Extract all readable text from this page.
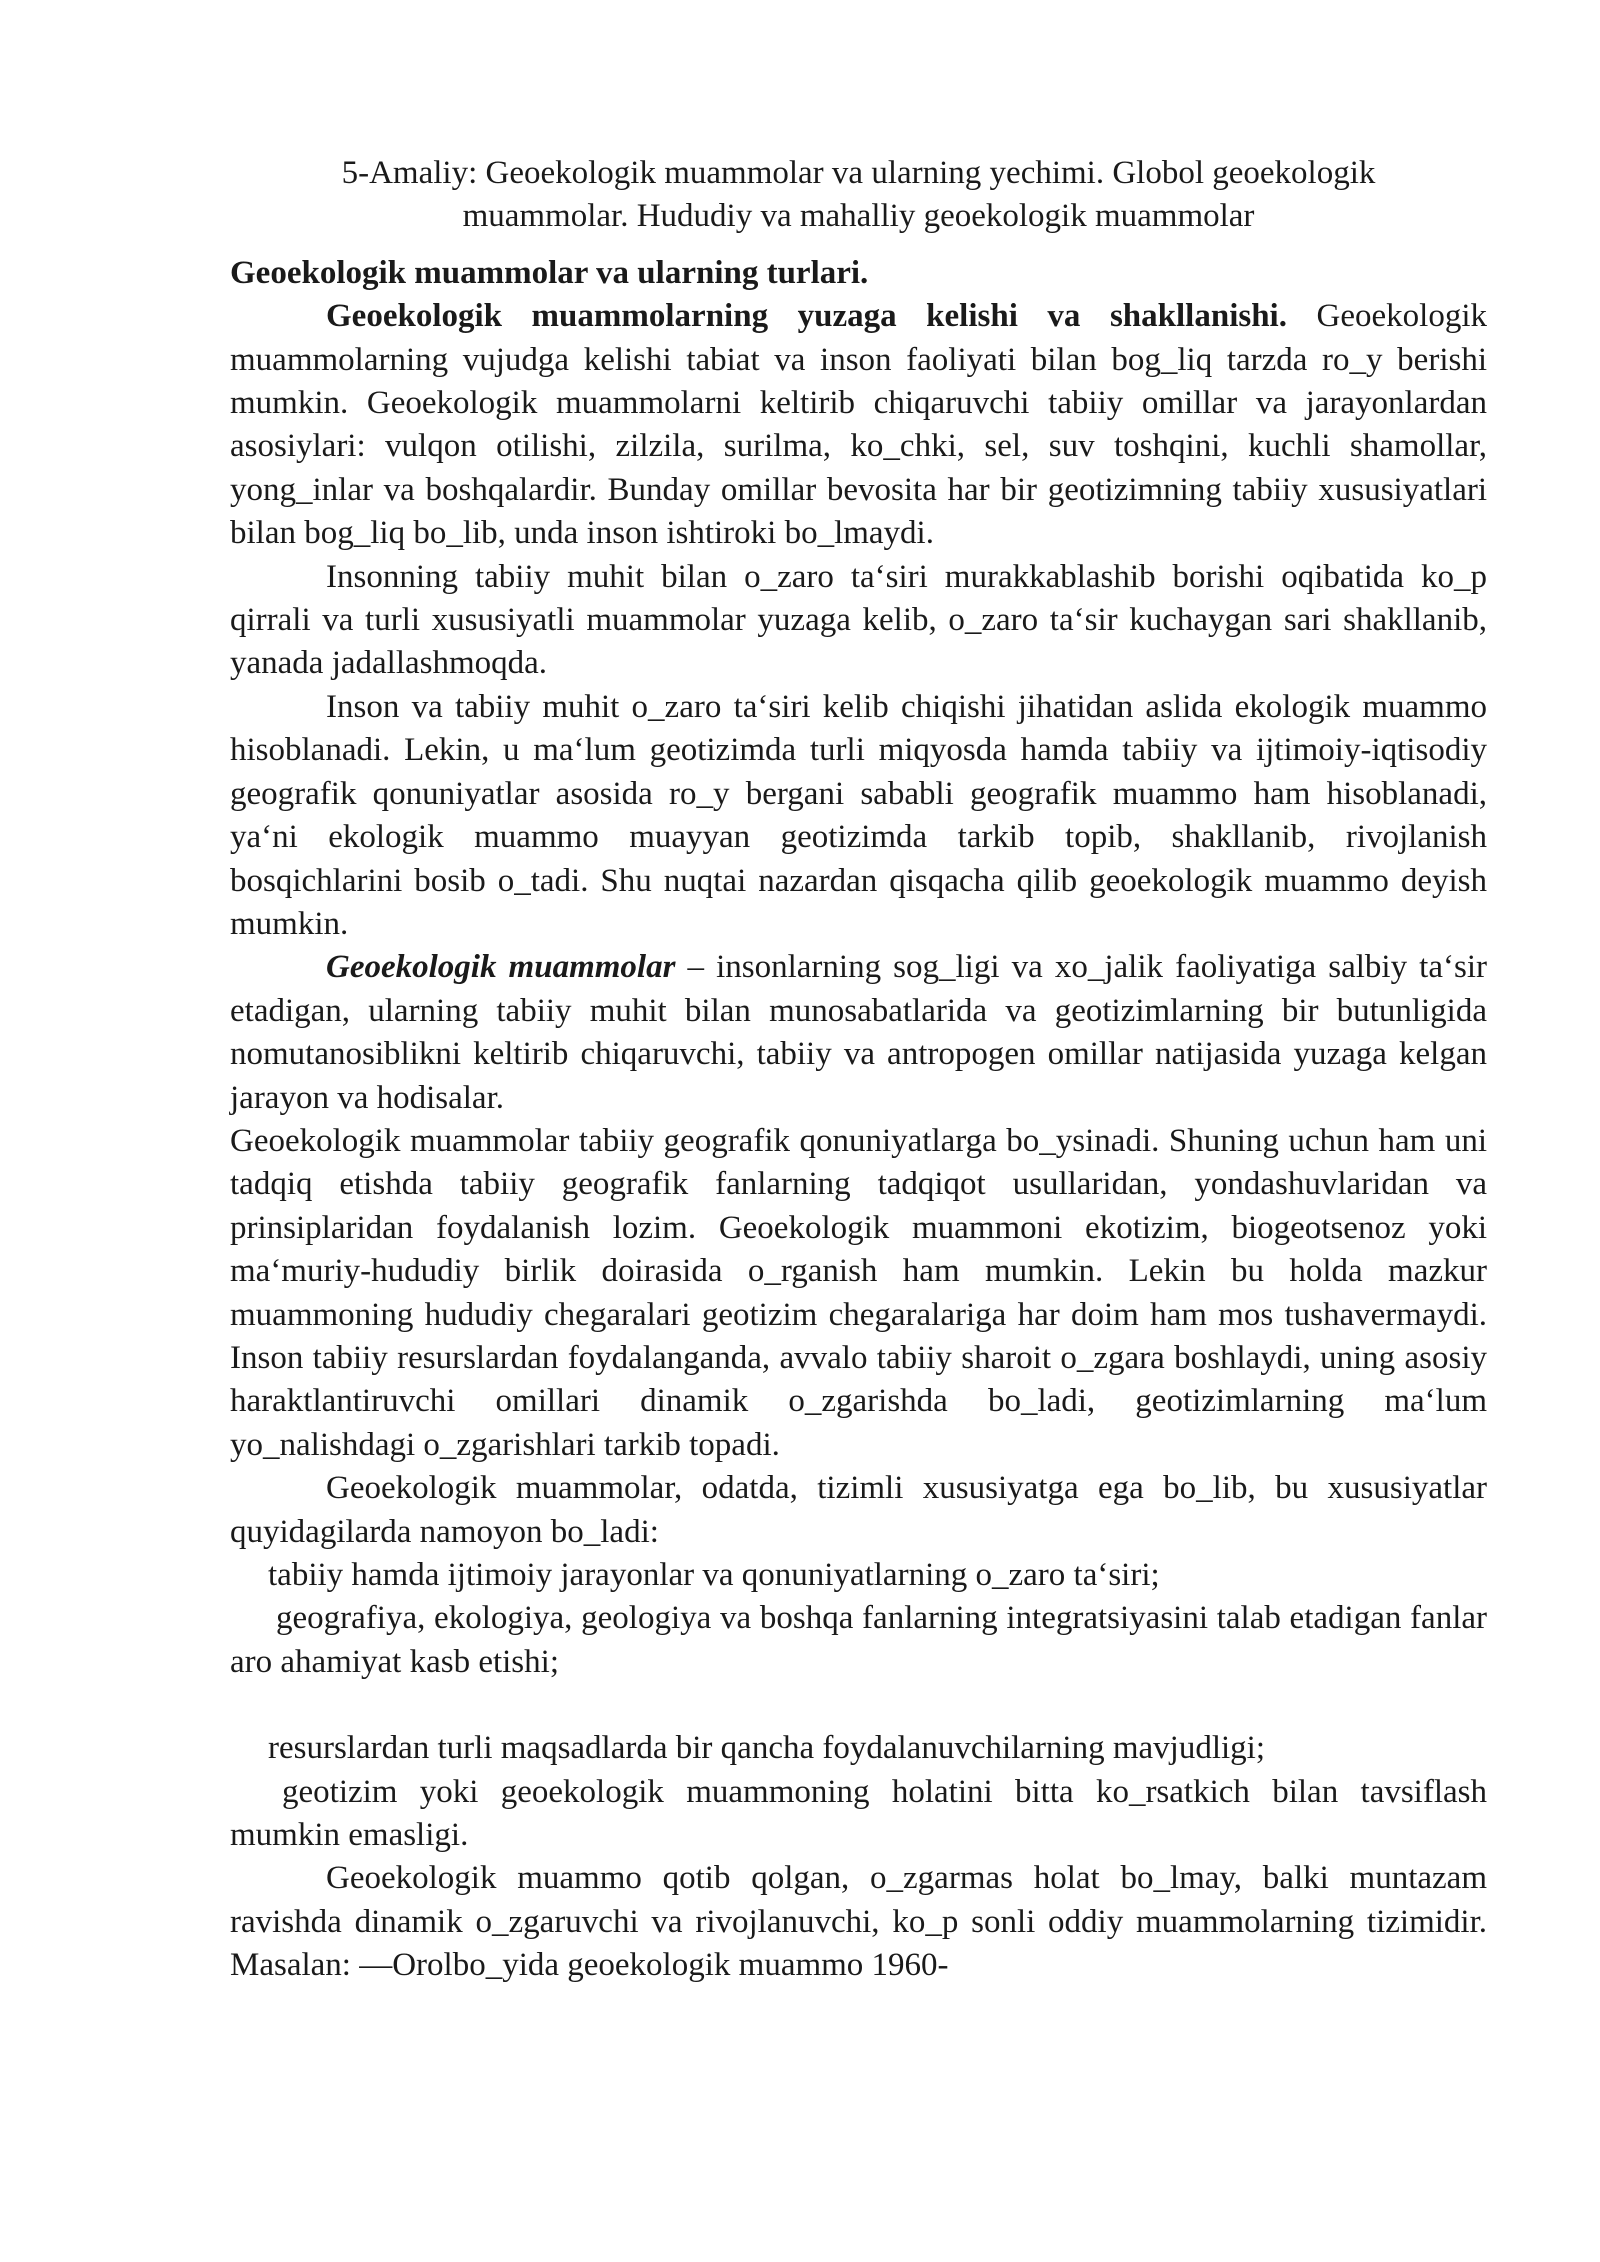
5-Amaliy: Geoekologik muammolar va ularning yechimi. Globol geoekologik
muammolar. Hududiy va mahalliy geoekologik muammolar
Geoekologik muammolar va ularning turlari.

Geoekologik muammolarning yuzaga kelishi va shakllanishi. Geoekologik muammolarning vujudga kelishi tabiat va inson faoliyati bilan bog_liq tarzda ro_y berishi mumkin. Geoekologik muammolarni keltirib chiqaruvchi tabiiy omillar va jarayonlardan asosiylari: vulqon otilishi, zilzila, surilma, ko_chki, sel, suv toshqini, kuchli shamollar, yong_inlar va boshqalardir. Bunday omillar bevosita har bir geotizimning tabiiy xususiyatlari bilan bog_liq bo_lib, unda inson ishtiroki bo_lmaydi.

Insonning tabiiy muhit bilan o_zaro ta‘siri murakkablashib borishi oqibatida ko_p qirrali va turli xususiyatli muammolar yuzaga kelib, o_zaro ta‘sir kuchaygan sari shakllanib, yanada jadallashmoqda.

Inson va tabiiy muhit o_zaro ta‘siri kelib chiqishi jihatidan aslida ekologik muammo hisoblanadi. Lekin, u ma‘lum geotizimda turli miqyosda hamda tabiiy va ijtimoiy-iqtisodiy geografik qonuniyatlar asosida ro_y bergani sababli geografik muammo ham hisoblanadi, ya‘ni ekologik muammo muayyan geotizimda tarkib topib, shakllanib, rivojlanish bosqichlarini bosib o_tadi. Shu nuqtai nazardan qisqacha qilib geoekologik muammo deyish mumkin.

Geoekologik muammolar – insonlarning sog_ligi va xo_jalik faoliyatiga salbiy ta‘sir etadigan, ularning tabiiy muhit bilan munosabatlarida va geotizimlarning bir butunligida nomutanosiblikni keltirib chiqaruvchi, tabiiy va antropogen omillar natijasida yuzaga kelgan jarayon va hodisalar.

Geoekologik muammolar tabiiy geografik qonuniyatlarga bo_ysinadi. Shuning uchun ham uni tadqiq etishda tabiiy geografik fanlarning tadqiqot usullaridan, yondashuvlaridan va prinsiplaridan foydalanish lozim. Geoekologik muammoni ekotizim, biogeotsenoz yoki ma‘muriy-hududiy birlik doirasida o_rganish ham mumkin. Lekin bu holda mazkur muammoning hududiy chegaralari geotizim chegaralariga har doim ham mos tushavermaydi. Inson tabiiy resurslardan foydalanganda, avvalo tabiiy sharoit o_zgara boshlaydi, uning asosiy haraktlantiruvchi omillari dinamik o_zgarishda bo_ladi, geotizimlarning ma‘lum yo_nalishdagi o_zgarishlari tarkib topadi.

Geoekologik muammolar, odatda, tizimli xususiyatga ega bo_lib, bu xususiyatlar quyidagilarda namoyon bo_ladi:

tabiiy hamda ijtimoiy jarayonlar va qonuniyatlarning o_zaro ta‘siri;

geografiya, ekologiya, geologiya va boshqa fanlarning integratsiyasini talab etadigan fanlar aro ahamiyat kasb etishi;

resurslardan turli maqsadlarda bir qancha foydalanuvchilarning mavjudligi;

geotizim yoki geoekologik muammoning holatini bitta ko_rsatkich bilan tavsiflash mumkin emasligi.

Geoekologik muammo qotib qolgan, o_zgarmas holat bo_lmay, balki muntazam ravishda dinamik o_zgaruvchi va rivojlanuvchi, ko_p sonli oddiy muammolarning tizimidir. Masalan: —Orolbo_yida geoekologik muammo 1960-
